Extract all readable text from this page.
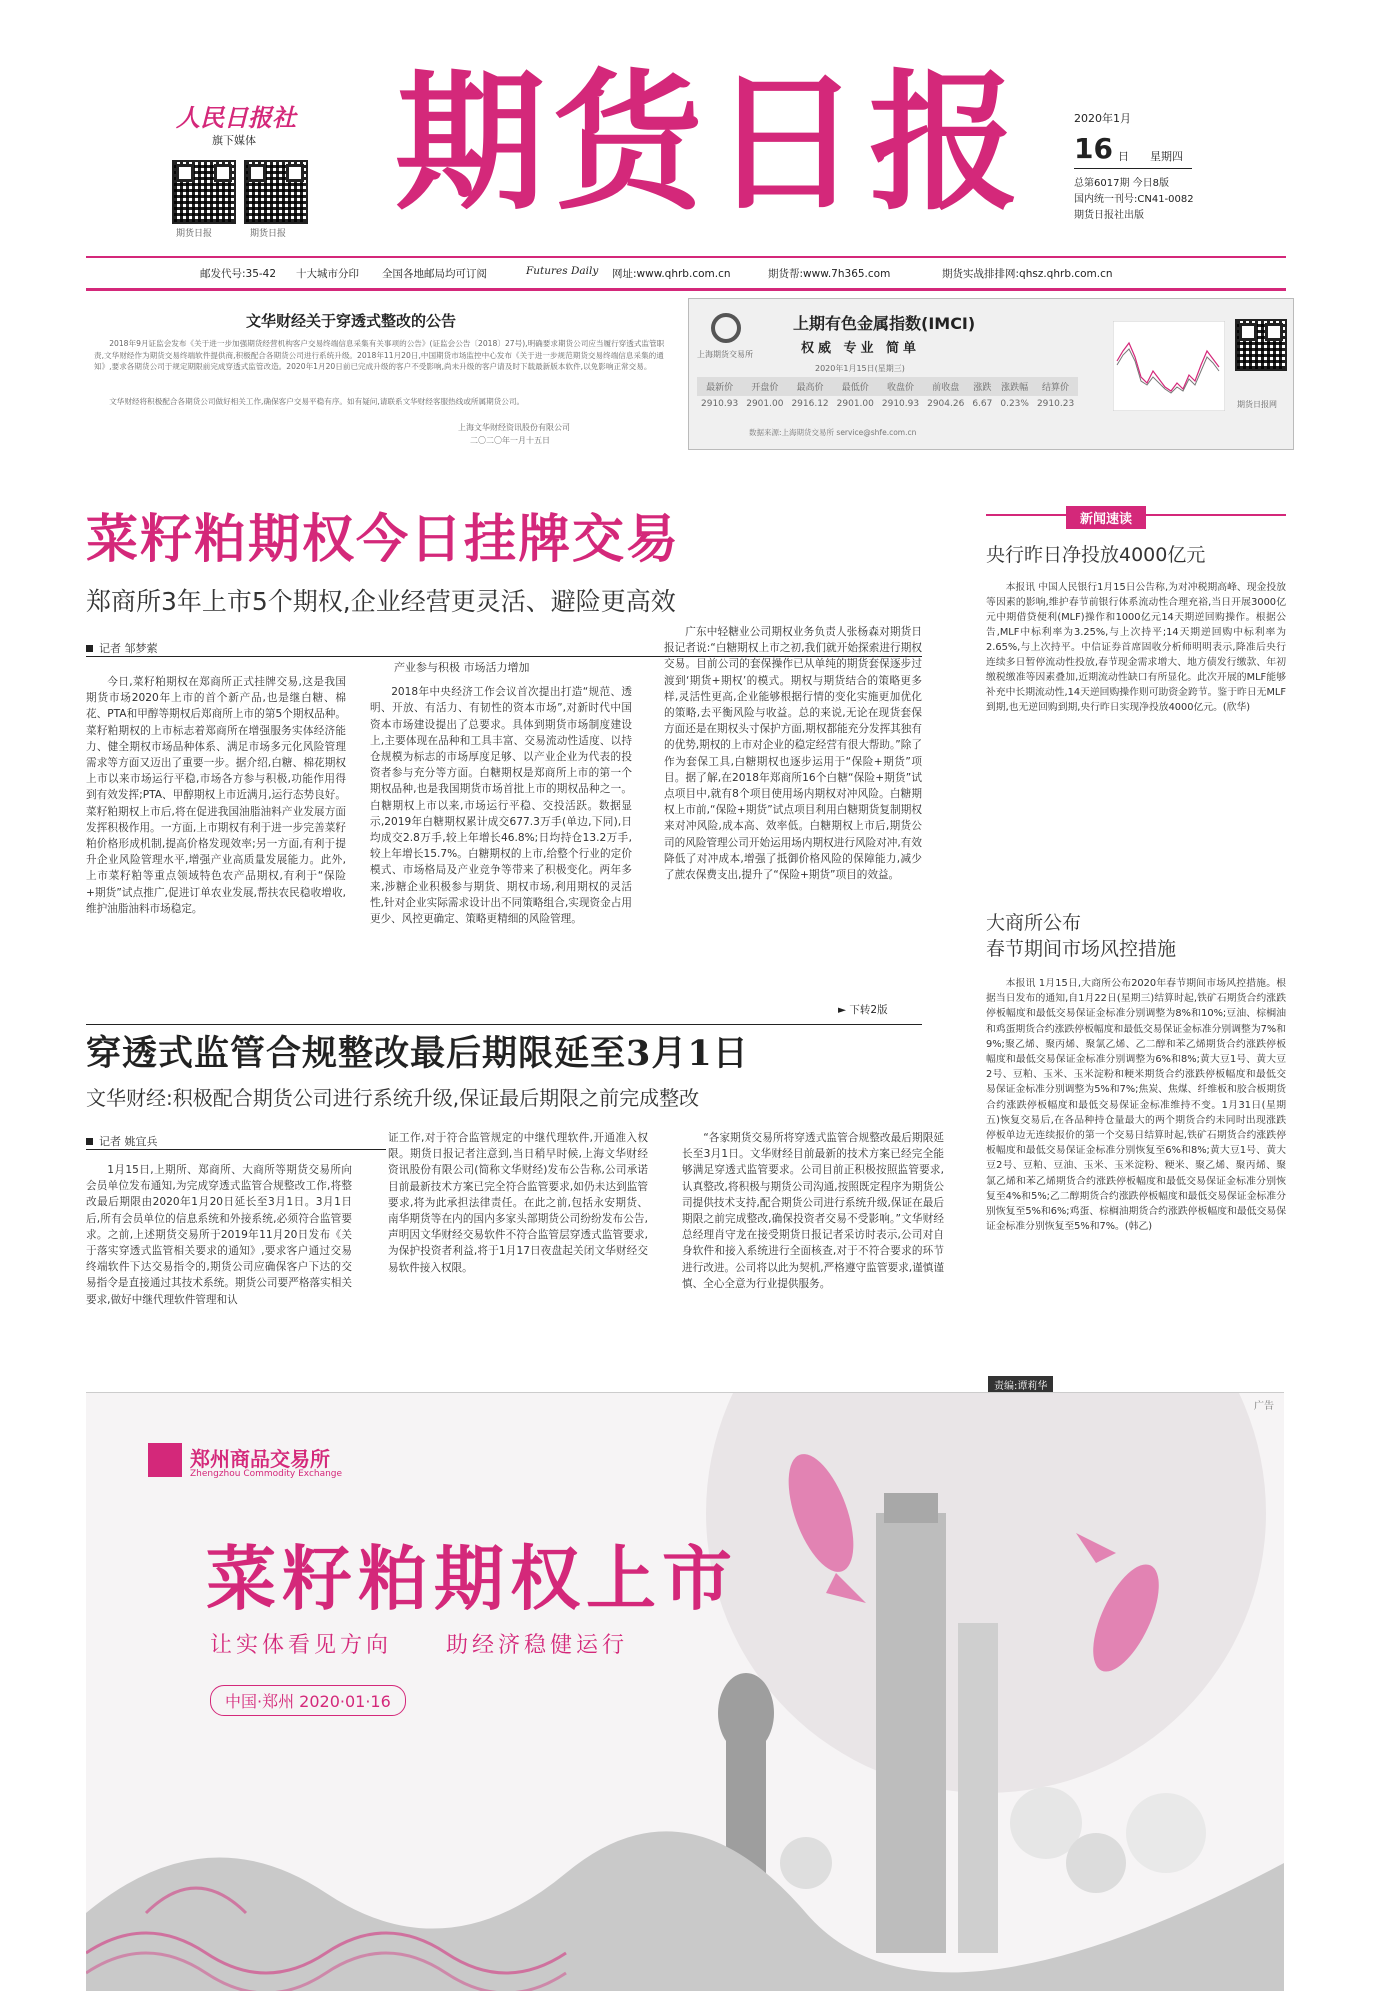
人民日报社
旗下媒体
期货日报	期货日报
期货日报	2020年1月
16 日 星期四
总第6017期 今日8版
国内统一刊号:CN41-0082
期货日报社出版
邮发代号:35-42 十大城市分印 全国各地邮局均可订阅	Futures Daily 网址:www.qhrb.com.cn	期货帮:www.7h365.com	期货实战排排网:qhsz.qhrb.com.cn
文华财经关于穿透式整改的公告
2018年9月证监会发布《关于进一步加强期货经营机构客户交易终端信息采集有关事项的公告》(证监会公告〔2018〕27号),明确要求期货公司应当履行穿透式监管职责,文华财经作为期货交易终端软件提供商,积极配合各期货公司进行系统升级。2018年11月20日,中国期货市场监控中心发布《关于进一步规范期货交易终端信息采集的通知》,要求各期货公司于规定期限前完成穿透式监管改造。2020年1月20日前已完成升级的客户不受影响,尚未升级的客户请及时下载最新版本软件,以免影响正常交易。
文华财经将积极配合各期货公司做好相关工作,确保客户交易平稳有序。如有疑问,请联系文华财经客服热线或所属期货公司。
上海文华财经资讯股份有限公司
二〇二〇年一月十五日
上海期货交易所
上期有色金属指数(IMCI)
权威 专业 简单
2020年1月15日(星期三)
最新价	开盘价	最高价	最低价	收盘价	前收盘	涨跌	涨跌幅	结算价
2910.93	2901.00	2916.12	2901.00	2910.93	2904.26	6.67	0.23%	2910.23
数据来源:上海期货交易所 service@shfe.com.cn
期货日报网
菜籽粕期权今日挂牌交易
郑商所3年上市5个期权,企业经营更灵活、避险更高效
记者 邹梦萦

今日,菜籽粕期权在郑商所正式挂牌交易,这是我国期货市场2020年上市的首个新产品,也是继白糖、棉花、PTA和甲醇等期权后郑商所上市的第5个期权品种。菜籽粕期权的上市标志着郑商所在增强服务实体经济能力、健全期权市场品种体系、满足市场多元化风险管理需求等方面又迈出了重要一步。据介绍,白糖、棉花期权上市以来市场运行平稳,市场各方参与积极,功能作用得到有效发挥;PTA、甲醇期权上市近满月,运行态势良好。菜籽粕期权上市后,将在促进我国油脂油料产业发展方面发挥积极作用。一方面,上市期权有利于进一步完善菜籽粕价格形成机制,提高价格发现效率;另一方面,有利于提升企业风险管理水平,增强产业高质量发展能力。此外,上市菜籽粕等重点领域特色农产品期权,有利于“保险+期货”试点推广,促进订单农业发展,帮扶农民稳收增收,维护油脂油料市场稳定。

产业参与积极 市场活力增加

2018年中央经济工作会议首次提出打造“规范、透明、开放、有活力、有韧性的资本市场”,对新时代中国资本市场建设提出了总要求。具体到期货市场制度建设上,主要体现在品种和工具丰富、交易流动性适度、以持仓规模为标志的市场厚度足够、以产业企业为代表的投资者参与充分等方面。白糖期权是郑商所上市的第一个期权品种,也是我国期货市场首批上市的期权品种之一。白糖期权上市以来,市场运行平稳、交投活跃。数据显示,2019年白糖期权累计成交677.3万手(单边,下同),日均成交2.8万手,较上年增长46.8%;日均持仓13.2万手,较上年增长15.7%。白糖期权的上市,给整个行业的定价模式、市场格局及产业竞争等带来了积极变化。两年多来,涉糖企业积极参与期货、期权市场,利用期权的灵活性,针对企业实际需求设计出不同策略组合,实现资金占用更少、风控更确定、策略更精细的风险管理。

广东中轻糖业公司期权业务负责人张杨森对期货日报记者说:“白糖期权上市之初,我们就开始探索进行期权交易。目前公司的套保操作已从单纯的期货套保逐步过渡到‘期货+期权’的模式。期权与期货结合的策略更多样,灵活性更高,企业能够根据行情的变化实施更加优化的策略,去平衡风险与收益。总的来说,无论在现货套保方面还是在期权头寸保护方面,期权都能充分发挥其独有的优势,期权的上市对企业的稳定经营有很大帮助。”除了作为套保工具,白糖期权也逐步运用于“保险+期货”项目。据了解,在2018年郑商所16个白糖“保险+期货”试点项目中,就有8个项目使用场内期权对冲风险。白糖期权上市前,“保险+期货”试点项目利用白糖期货复制期权来对冲风险,成本高、效率低。白糖期权上市后,期货公司的风险管理公司开始运用场内期权进行风险对冲,有效降低了对冲成本,增强了抵御价格风险的保障能力,减少了蔗农保费支出,提升了“保险+期货”项目的效益。

► 下转2版
穿透式监管合规整改最后期限延至3月1日
文华财经:积极配合期货公司进行系统升级,保证最后期限之前完成整改
记者 姚宜兵

1月15日,上期所、郑商所、大商所等期货交易所向会员单位发布通知,为完成穿透式监管合规整改工作,将整改最后期限由2020年1月20日延长至3月1日。3月1日后,所有会员单位的信息系统和外接系统,必须符合监管要求。之前,上述期货交易所于2019年11月20日发布《关于落实穿透式监管相关要求的通知》,要求客户通过交易终端软件下达交易指令的,期货公司应确保客户下达的交易指令是直接通过其技术系统。期货公司要严格落实相关要求,做好中继代理软件管理和认

证工作,对于符合监管规定的中继代理软件,开通准入权限。期货日报记者注意到,当日稍早时候,上海文华财经资讯股份有限公司(简称文华财经)发布公告称,公司承诺目前最新技术方案已完全符合监管要求,如仍未达到监管要求,将为此承担法律责任。在此之前,包括永安期货、南华期货等在内的国内多家头部期货公司纷纷发布公告,声明因文华财经交易软件不符合监管层穿透式监管要求,为保护投资者利益,将于1月17日夜盘起关闭文华财经交易软件接入权限。

“各家期货交易所将穿透式监管合规整改最后期限延长至3月1日。文华财经目前最新的技术方案已经完全能够满足穿透式监管要求。公司目前正积极按照监管要求,认真整改,将积极与期货公司沟通,按照既定程序为期货公司提供技术支持,配合期货公司进行系统升级,保证在最后期限之前完成整改,确保投资者交易不受影响。”文华财经总经理肖守龙在接受期货日报记者采访时表示,公司对自身软件和接入系统进行全面核查,对于不符合要求的环节进行改进。公司将以此为契机,严格遵守监管要求,谨慎谨慎、全心全意为行业提供服务。

新闻速读
央行昨日净投放4000亿元
本报讯 中国人民银行1月15日公告称,为对冲税期高峰、现金投放等因素的影响,维护春节前银行体系流动性合理充裕,当日开展3000亿元中期借贷便利(MLF)操作和1000亿元14天期逆回购操作。根据公告,MLF中标利率为3.25%,与上次持平;14天期逆回购中标利率为2.65%,与上次持平。中信证券首席固收分析师明明表示,降准后央行连续多日暂停流动性投放,春节现金需求增大、地方债发行缴款、年初缴税缴准等因素叠加,近期流动性缺口有所显化。此次开展的MLF能够补充中长期流动性,14天逆回购操作则可助资金跨节。鉴于昨日无MLF到期,也无逆回购到期,央行昨日实现净投放4000亿元。(欣华)
大商所公布
春节期间市场风控措施
本报讯 1月15日,大商所公布2020年春节期间市场风控措施。根据当日发布的通知,自1月22日(星期三)结算时起,铁矿石期货合约涨跌停板幅度和最低交易保证金标准分别调整为8%和10%;豆油、棕榈油和鸡蛋期货合约涨跌停板幅度和最低交易保证金标准分别调整为7%和9%;聚乙烯、聚丙烯、聚氯乙烯、乙二醇和苯乙烯期货合约涨跌停板幅度和最低交易保证金标准分别调整为6%和8%;黄大豆1号、黄大豆2号、豆粕、玉米、玉米淀粉和粳米期货合约涨跌停板幅度和最低交易保证金标准分别调整为5%和7%;焦炭、焦煤、纤维板和胶合板期货合约涨跌停板幅度和最低交易保证金标准维持不变。1月31日(星期五)恢复交易后,在各品种持仓量最大的两个期货合约未同时出现涨跌停板单边无连续报价的第一个交易日结算时起,铁矿石期货合约涨跌停板幅度和最低交易保证金标准分别恢复至6%和8%;黄大豆1号、黄大豆2号、豆粕、豆油、玉米、玉米淀粉、粳米、聚乙烯、聚丙烯、聚氯乙烯和苯乙烯期货合约涨跌停板幅度和最低交易保证金标准分别恢复至4%和5%;乙二醇期货合约涨跌停板幅度和最低交易保证金标准分别恢复至5%和6%;鸡蛋、棕榈油期货合约涨跌停板幅度和最低交易保证金标准分别恢复至5%和7%。(韩乙)
责编:谭莉华
广告
郑州商品交易所
Zhengzhou Commodity Exchange
菜籽粕期权上市
让实体看见方向 助经济稳健运行
中国·郑州 2020·01·16
